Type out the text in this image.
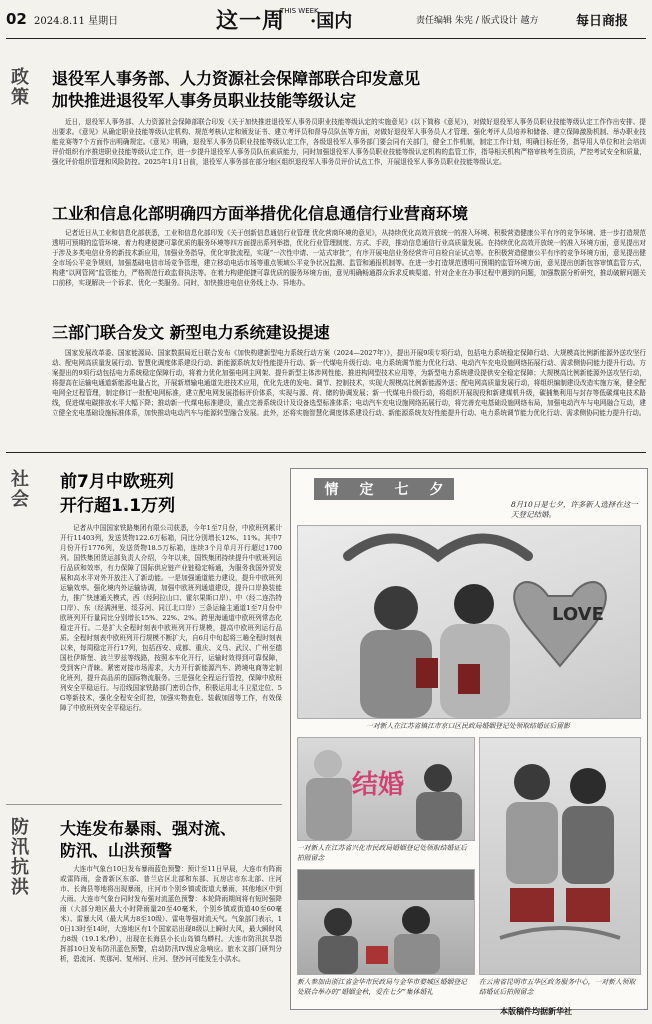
02 2024.8.11 星期日	这一周
THIS WEEK
·国内	责任编辑 朱宪 / 版式设计 越方	每日商报
政策
退役军人事务部、人力资源社会保障部联合印发意见
加快推进退役军人事务员职业技能等级认定

近日，退役军人事务部、人力资源社会保障部联合印发《关于加快推进退役军人事务员职业技能等级认定的实施意见》(以下简称《意见》)，对做好退役军人事务员职业技能等级认定工作作出安排、提出要求。《意见》从确定职业技能等级认定机构、规范考核认定和颁发证书、建立考评员和督导员队伍等方面，对做好退役军人事务员人才管理、强化考评人员培养和储备、建立保障激励机制、举办职业技能竞赛等7个方面作出明确规定。《意见》明确，退役军人事务员职业技能等级认定工作，各级退役军人事务部门要会同有关部门，健全工作机制，制定工作计划，明确目标任务，指导用人单位和社会培训评价组织有序推进职业技能等级认定工作，进一步提升退役军人事务员队伍素质能力，同时加强退役军人事务员职业技能等级认定机构的监管工作，指导相关机构严格审核考生资质，严控考试安全和质量，强化评价组织管理和风险防控。2025年1月1日前，退役军人事务部在部分地区组织退役军人事务员评价试点工作，开展退役军人事务员职业技能等级认定。

工业和信息化部明确四方面举措优化信息通信行业营商环境

记者近日从工业和信息化部获悉，工业和信息化部印发《关于创新信息通信行业管理 优化营商环境的意见》，从持续优化高效开放统一的准入环境、积极营造健康公平有序的竞争环境、进一步打造规范透明可预期的监管环境、着力构建便捷可靠优质的服务环境等四方面提出系列举措，优化行业管理制度、方式、手段，推动信息通信行业高质量发展。在持续优化高效开放统一的准入环境方面，意见提出对于涉及多类电信业务的新技术新应用，加强业务指导，优化审批流程，实现“一次性申请、一站式审批”，有序开展电信业务经营许可自检自证试点等。在积极营造健康公平有序的竞争环境方面，意见提出健全市场公平竞争规则，加强基础电信市场竞争管理，建立移动电话市场等重点领域公平竞争状况监测、监管和通报机制等。在进一步打造规范透明可预期的监管环境方面，意见提出创新包容审慎监管方式，构建“以网管网”监管能力，严格规范行政监督执法等。在着力构建便捷可靠优质的服务环境方面，意见明确畅通群众诉求反映渠道、针对企业在办事过程中遇到的问题，加强数据分析研究，推动破解问题关口前移，实现解决一个诉求、优化一类服务。同时，加快推进电信业务线上办、异地办。

三部门联合发文 新型电力系统建设提速

国家发展改革委、国家能源局、国家数据局近日联合发布《加快构建新型电力系统行动方案（2024—2027年）》，提出开展9项专项行动，包括电力系统稳定保障行动、大规模高比例新能源外送攻坚行动、配电网高质量发展行动、智慧化调度体系建设行动、新能源系统友好性能提升行动、新一代煤电升级行动、电力系统调节能力优化行动、电动汽车充电设施网络拓展行动、需求侧协同能力提升行动。方案提出的9项行动包括电力系统稳定保障行动，将着力优化加强电网主网架、提升新型主体涉网性能、推进构网型技术应用等，为新型电力系统建设提供安全稳定保障；大规模高比例新能源外送攻坚行动，将提高在运输电通道新能源电量占比，开展新增输电通道先进技术应用，优化先进的发电、调节、控制技术，实现大规模高比例新能源外送；配电网高质量发展行动，将组织编制建设改造实施方案，健全配电网全过程管理，制定修订一批配电网标准，建立配电网发展指标评价体系，实现与源、荷、储的协调发展；新一代煤电升级行动，将组织开展现役和新建煤机升级，碳捕集利用与封存等低碳煤电技术路线，促进煤电碳排放水平大幅下降；推动新一代煤电标准建设，重点完善系统设计及设备选型标准体系；电动汽车充电设施网络拓展行动，将完善充电基础设施网络布局，加强电动汽车与电网融合互动，建立健全充电基础设施标准体系，加快推动电动汽车与能源转型融合发展。此外，还将实施智慧化调度体系建设行动、新能源系统友好性能提升行动、电力系统调节能力优化行动、需求侧协同能力提升行动。

社会
前7月中欧班列
开行超1.1万列

记者从中国国家铁路集团有限公司获悉，今年1至7月份，中欧班列累计开行11403列，发送货物122.6万标箱，同比分别增长12%、11%。其中7月份开行1776列，发送货物18.5万标箱，连续3个月单月开行超过1700列。国铁集团货运部负责人介绍，今年以来，国铁集团持续提升中欧班列运行品质和效率，有力保障了国际供应链产业链稳定畅通，为服务我国外贸发展和高水平对外开放注入了新动能。一是加强通道能力建设，提升中欧班列运输效率。强化境内外运输协调，加强中欧班列通道建设，提升口岸换装能力，推广快速通关模式，西（经阿拉山口、霍尔果斯口岸）、中（经二连浩特口岸）、东（经满洲里、绥芬河、同江北口岸）三条运输主通道1至7月份中欧班列开行量同比分别增长15%、22%、2%。跨里海通道中欧班列常态化稳定开行。二是扩大全程时刻表中欧班列开行规模，提高中欧班列运行品质。全程时刻表中欧班列开行规模不断扩大，自6月中旬起将三趟全程时刻表以来，每周稳定开行17列，包括西安、成都、重庆、义乌、武汉、广州至德国杜伊斯堡、波兰罗兹等线路，按照本车化开行，运输时效得到可靠保障，受到客户青睐。紧密对接市场需求，大力开行新能源汽车、跨境电商等定制化班列，提升高品质的国际物流服务。三是强化全程运行管控，保障中欧班列安全平稳运行。与沿线国家铁路部门密切合作，积极运用北斗卫星定位、5G等新技术，强化全程安全盯控，加强实物查危、装载加固等工作，有效保障了中欧班列安全平稳运行。

防汛抗洪
大连发布暴雨、强对流、
防汛、山洪预警

大连市气象台10日发布暴雨蓝色预警：预计至11日早晨，大连市有阵雨或雷阵雨，金普新区东部、普兰店区北部和东部、瓦房店市东北部、庄河市、长海县等地将出现暴雨，庄河市个别乡镇或街道大暴雨，其他地区中到大雨。大连市气象台同时发布强对流蓝色预警：本轮降雨期间将有短时强降雨（大部分地区最大小时降雨量20至40毫米，个别乡镇或街道40至60毫米）、雷暴大风（最大风力8至10级）、雷电等强对流天气。气象部门表示，10日13时至14时，大连地区有1个国家站出现8级以上瞬时大风，最大瞬时风力8级（19.1米/秒），出现在长海县小长山岛镇乌蟒村。大连市防汛抗旱指挥部10日发布防汛蓝色预警，启动防汛IV级应急响应。旅水文部门研判分析，碧流河、英那河、复州河、庄河、登沙河可能发生小洪水。

情 定 七 夕
8月10日是七夕，许多新人选择在这一天登记结婚。
LOVE
一对新人在江苏省镇江市京口区民政局婚姻登记处领取结婚证后留影
结婚
一对新人在江苏省兴化市民政局婚姻登记处领取结婚证后拍照留念
新人参加由浙江省金华市民政局与金华市婺城区婚姻登记处联合举办的“婚姻金秋，爱在七夕”集体婚礼
在云南省昆明市五华区政务服务中心，一对新人领取结婚证后拍照留念
本版稿件均据新华社
